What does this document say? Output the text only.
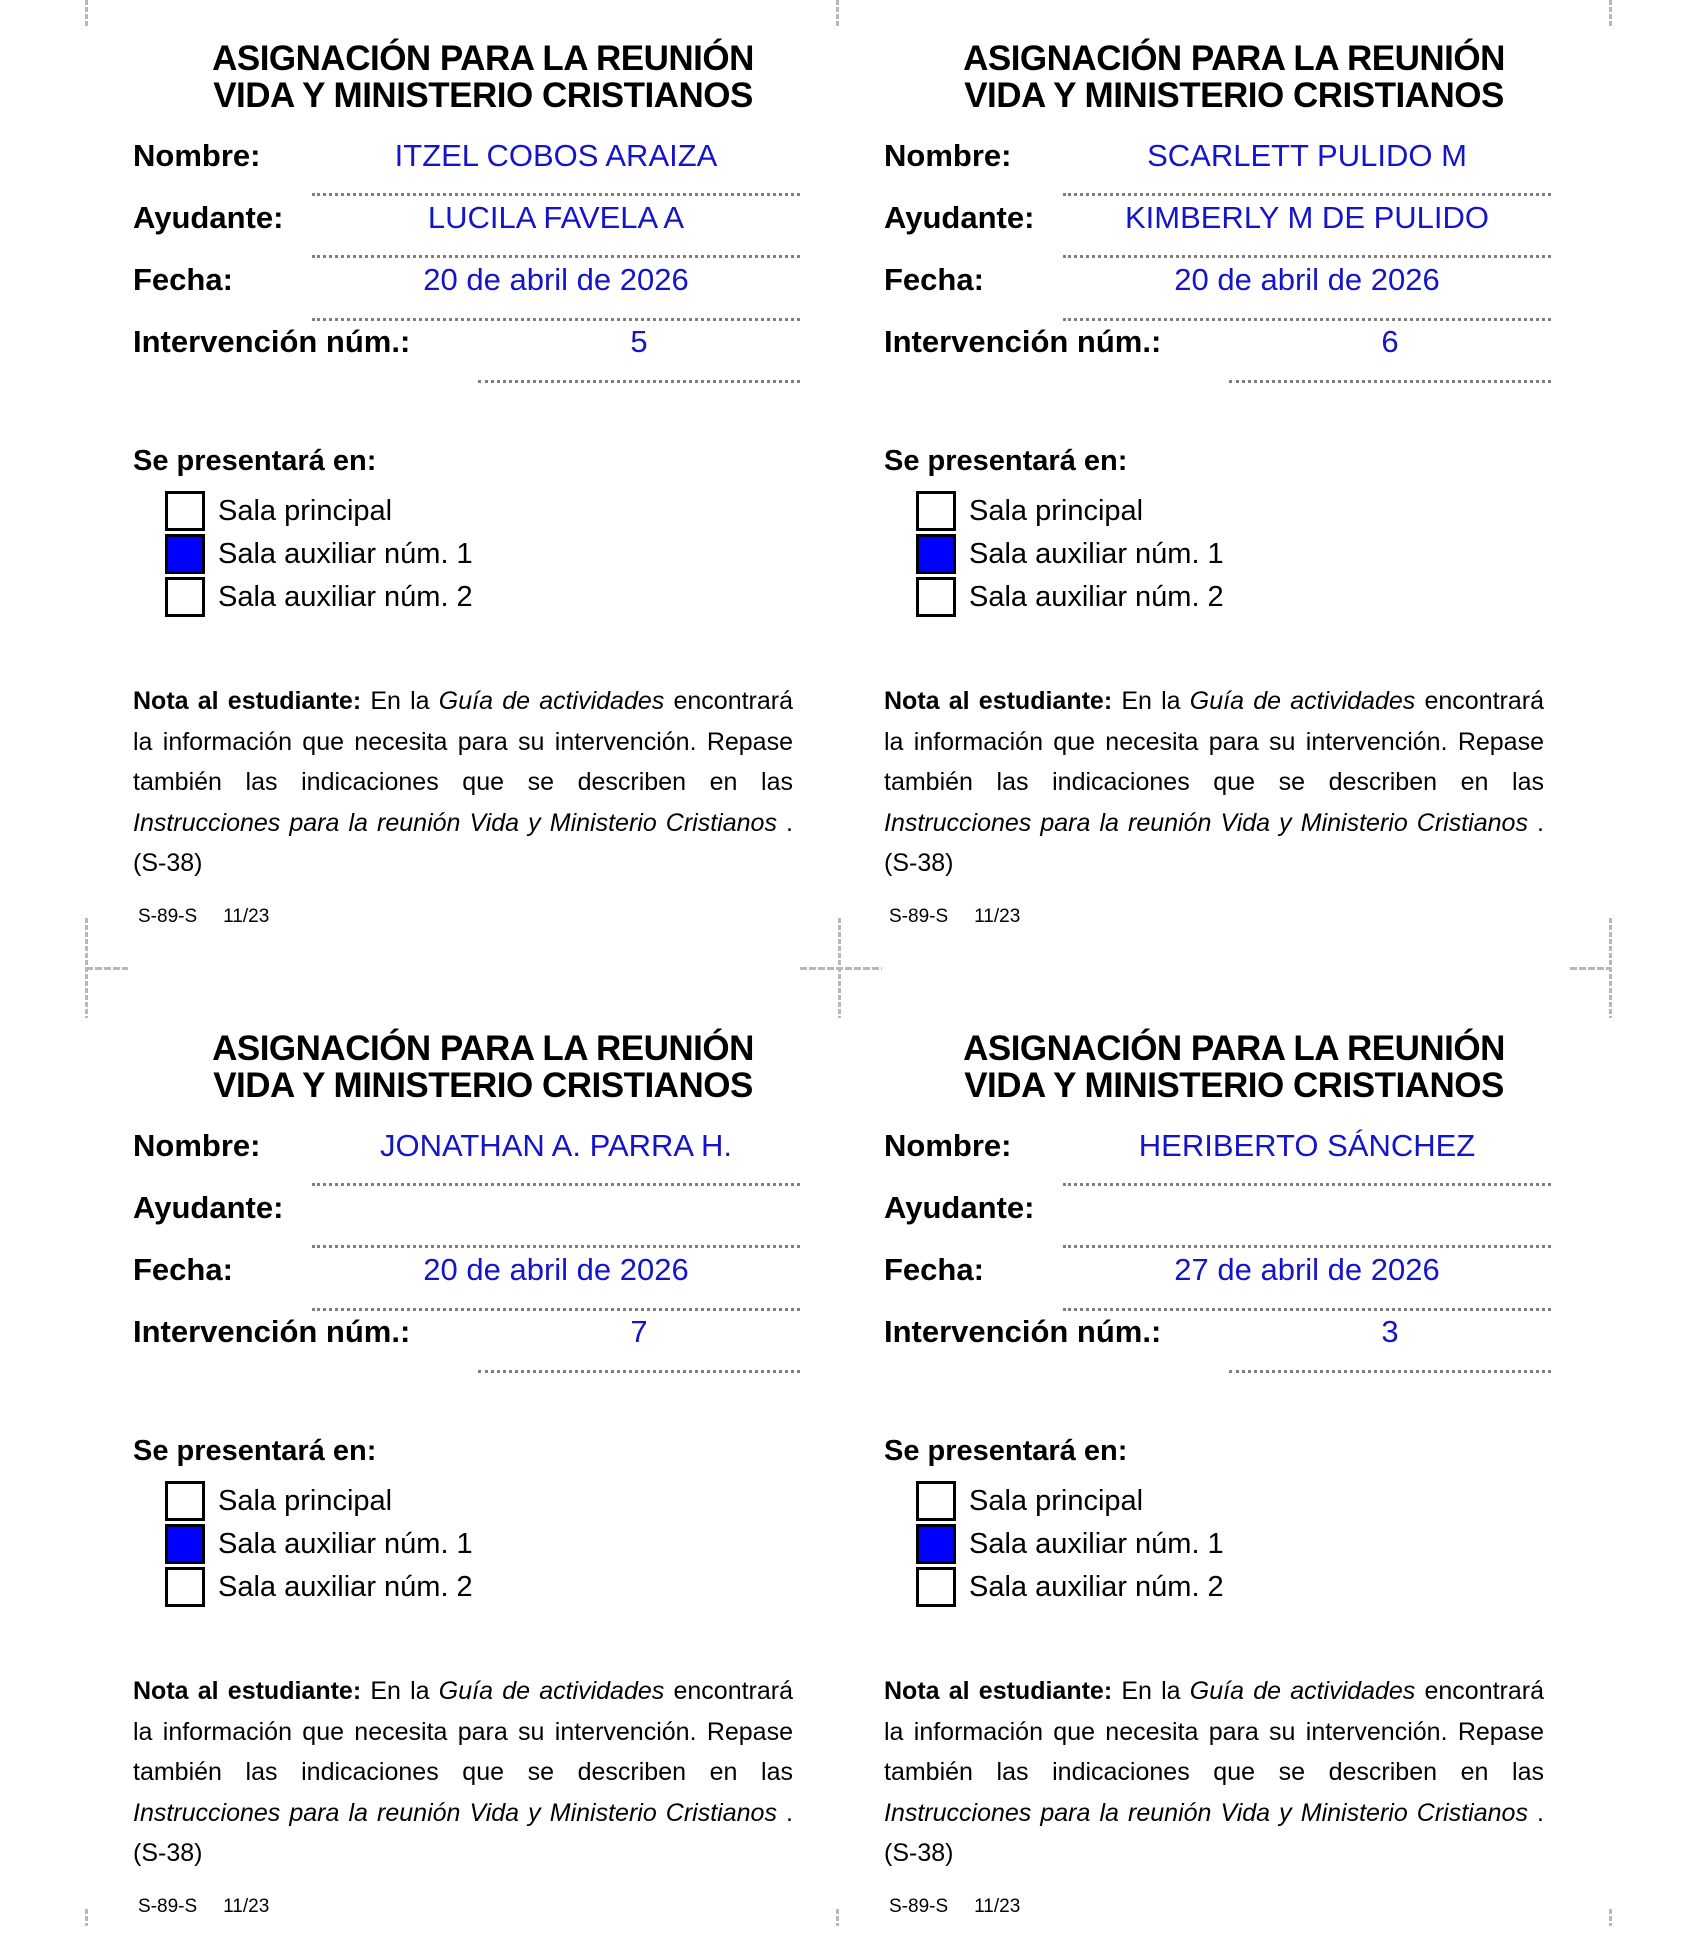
ASIGNACIÓN PARA LA REUNIÓN
VIDA Y MINISTERIO CRISTIANOS
Nombre:	ITZEL COBOS ARAIZA
Ayudante:	LUCILA FAVELA A
Fecha:	20 de abril de 2026
Intervención núm.:	5
Se presentará en:
Sala principal
Sala auxiliar núm. 1
Sala auxiliar núm. 2
Nota al estudiante: En la Guía de actividades encontrará la información que necesita para su intervención. Repase también las indicaciones que se describen en las Instrucciones para la reunión Vida y Ministerio Cristianos . (S-38)
S-89-S 11/23
ASIGNACIÓN PARA LA REUNIÓN
VIDA Y MINISTERIO CRISTIANOS
Nombre:	SCARLETT PULIDO M
Ayudante:	KIMBERLY M DE PULIDO
Fecha:	20 de abril de 2026
Intervención núm.:	6
Se presentará en:
Sala principal
Sala auxiliar núm. 1
Sala auxiliar núm. 2
Nota al estudiante: En la Guía de actividades encontrará la información que necesita para su intervención. Repase también las indicaciones que se describen en las Instrucciones para la reunión Vida y Ministerio Cristianos . (S-38)
S-89-S 11/23
ASIGNACIÓN PARA LA REUNIÓN
VIDA Y MINISTERIO CRISTIANOS
Nombre:	JONATHAN A. PARRA H.
Ayudante:
Fecha:	20 de abril de 2026
Intervención núm.:	7
Se presentará en:
Sala principal
Sala auxiliar núm. 1
Sala auxiliar núm. 2
Nota al estudiante: En la Guía de actividades encontrará la información que necesita para su intervención. Repase también las indicaciones que se describen en las Instrucciones para la reunión Vida y Ministerio Cristianos . (S-38)
S-89-S 11/23
ASIGNACIÓN PARA LA REUNIÓN
VIDA Y MINISTERIO CRISTIANOS
Nombre:	HERIBERTO SÁNCHEZ
Ayudante:
Fecha:	27 de abril de 2026
Intervención núm.:	3
Se presentará en:
Sala principal
Sala auxiliar núm. 1
Sala auxiliar núm. 2
Nota al estudiante: En la Guía de actividades encontrará la información que necesita para su intervención. Repase también las indicaciones que se describen en las Instrucciones para la reunión Vida y Ministerio Cristianos . (S-38)
S-89-S 11/23
